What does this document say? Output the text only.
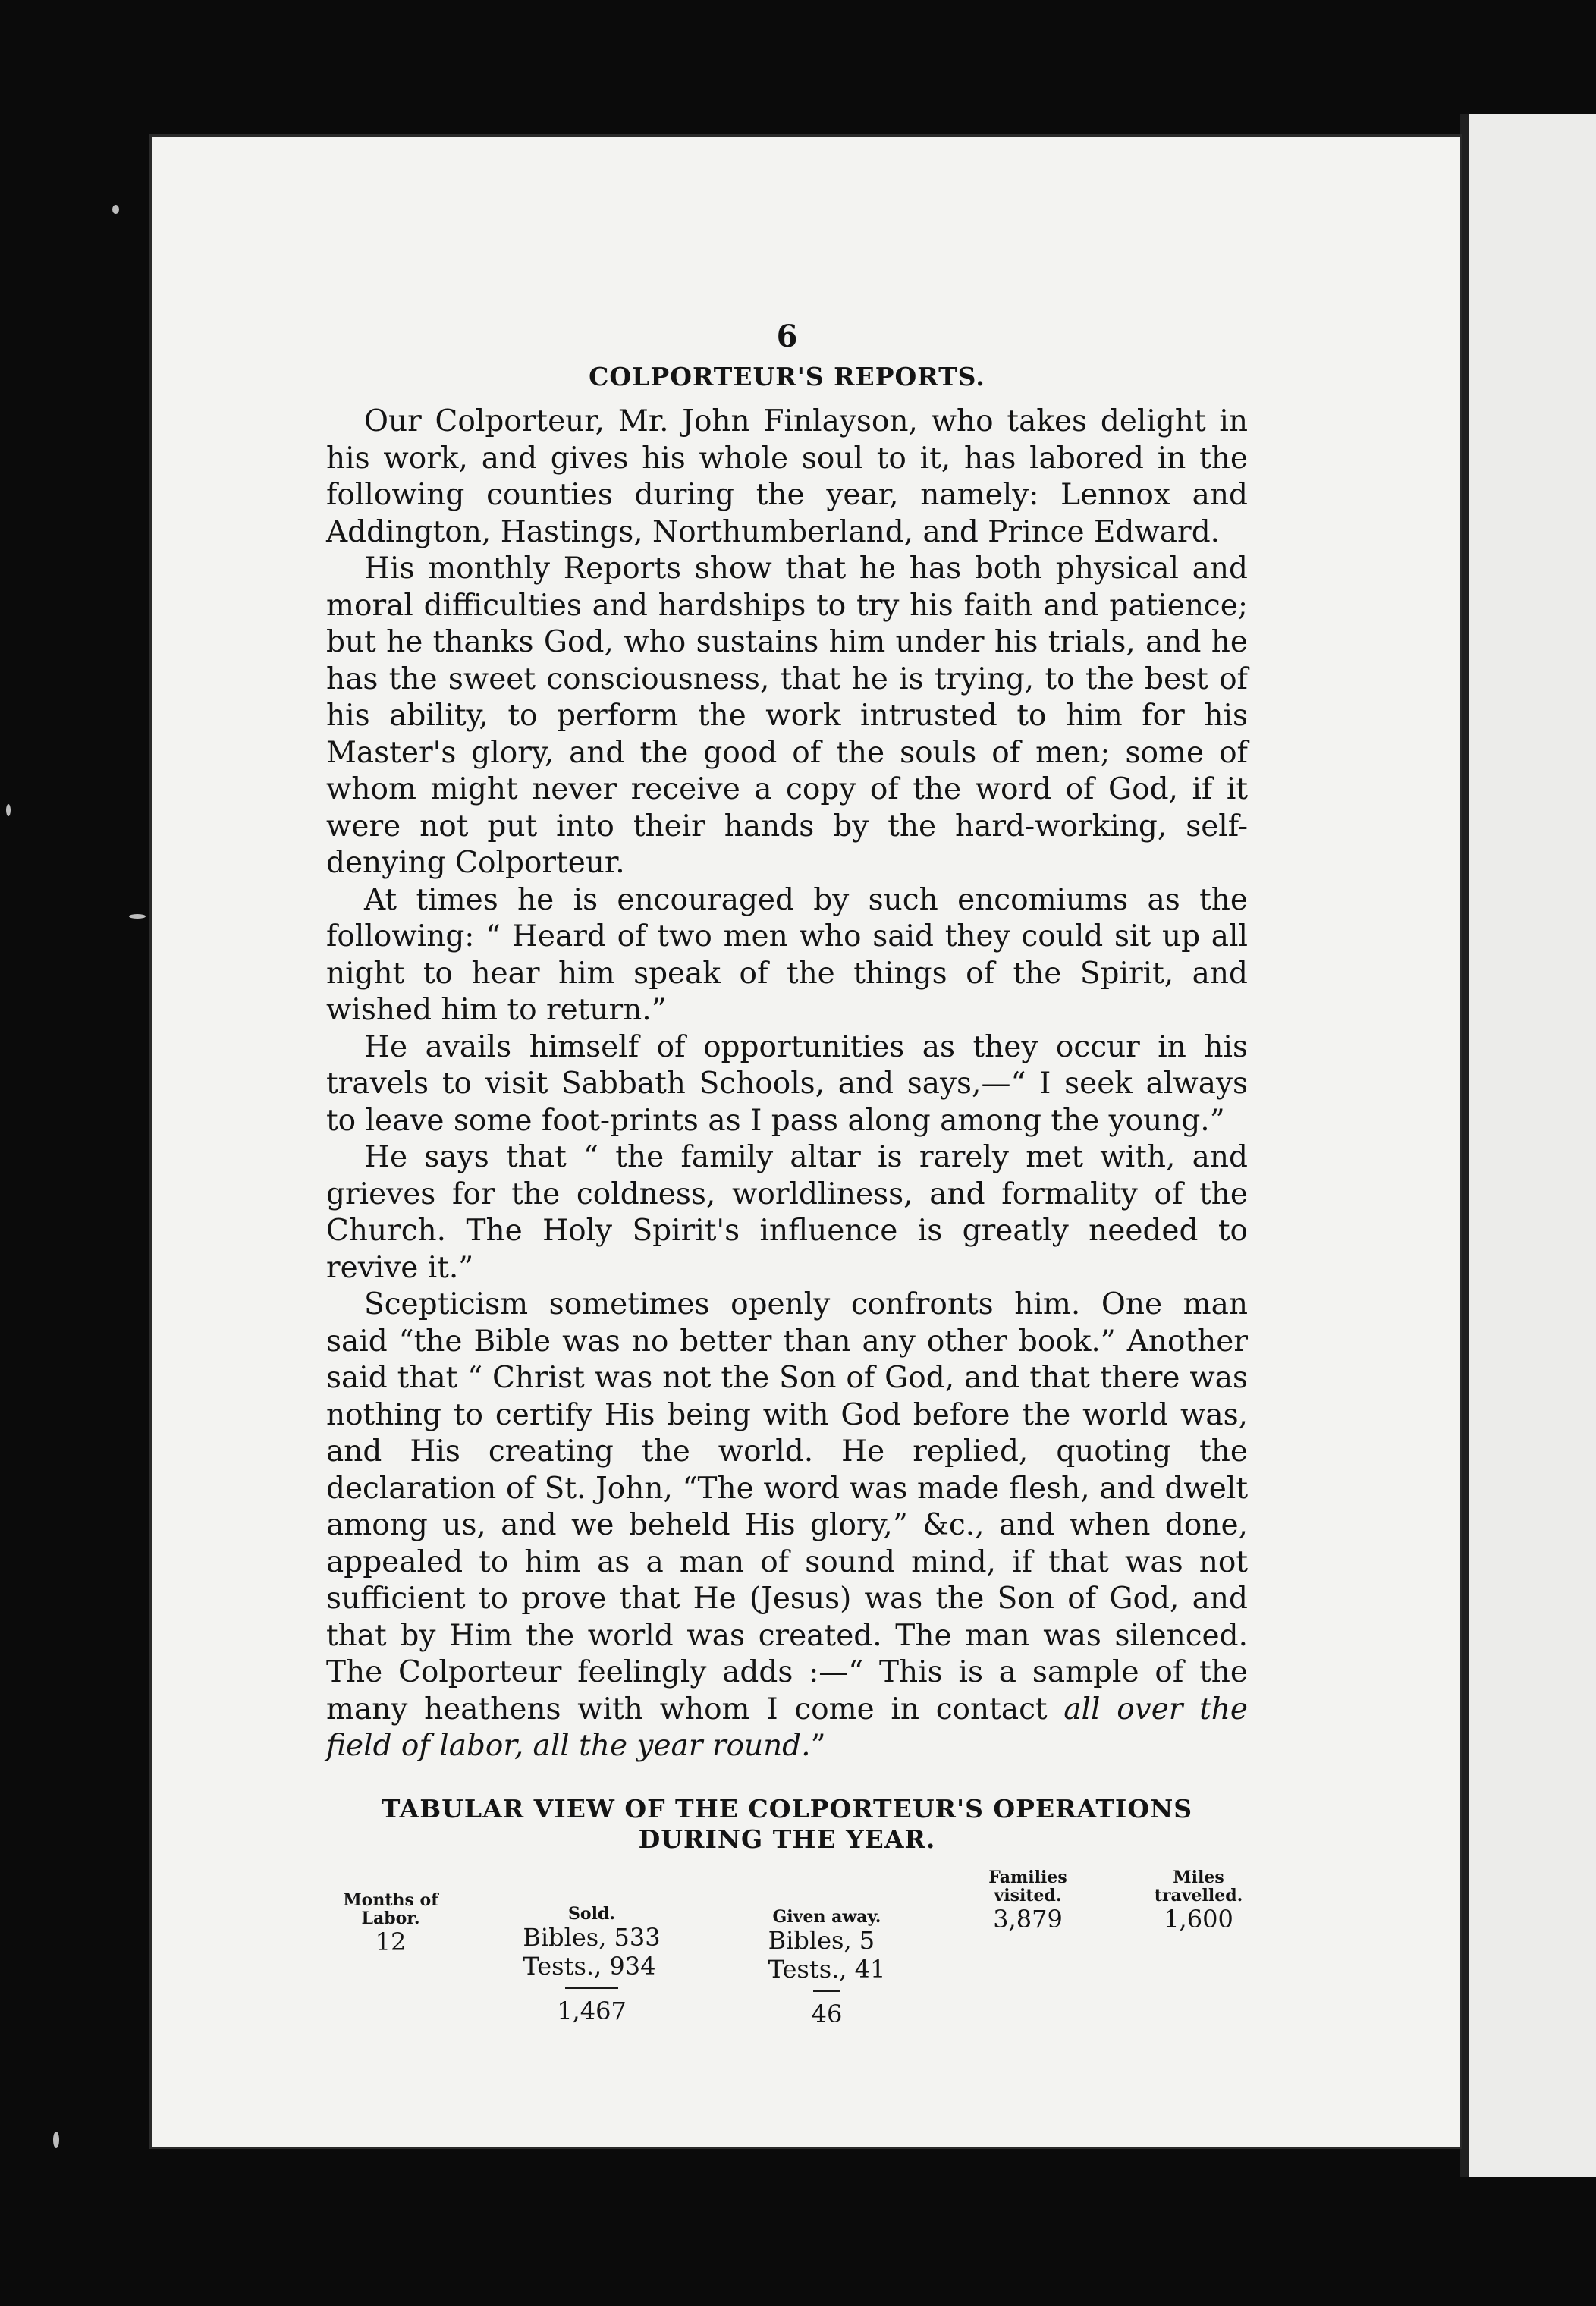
6
COLPORTEUR'S REPORTS.

Our Colporteur, Mr. John Finlayson, who takes delight in his work, and gives his whole soul to it, has labored in the following counties during the year, namely: Lennox and Addington, Hastings, Northumberland, and Prince Edward.

His monthly Reports show that he has both physical and moral difficulties and hardships to try his faith and patience; but he thanks God, who sustains him under his trials, and he has the sweet consciousness, that he is trying, to the best of his ability, to perform the work intrusted to him for his Master's glory, and the good of the souls of men; some of whom might never receive a copy of the word of God, if it were not put into their hands by the hard-working, self-denying Colporteur.

At times he is encouraged by such encomiums as the following: “ Heard of two men who said they could sit up all night to hear him speak of the things of the Spirit, and wished him to return.”

He avails himself of opportunities as they occur in his travels to visit Sabbath Schools, and says,—“ I seek always to leave some foot-prints as I pass along among the young.”

He says that “ the family altar is rarely met with, and grieves for the coldness, worldliness, and formality of the Church. The Holy Spirit's influence is greatly needed to revive it.”

Scepticism sometimes openly confronts him. One man said “the Bible was no better than any other book.” Another said that “ Christ was not the Son of God, and that there was nothing to certify His being with God before the world was, and His creating the world. He replied, quoting the declaration of St. John, “The word was made flesh, and dwelt among us, and we beheld His glory,” &c., and when done, appealed to him as a man of sound mind, if that was not sufficient to prove that He (Jesus) was the Son of God, and that by Him the world was created. The man was silenced. The Colporteur feelingly adds :—“ This is a sample of the many heathens with whom I come in contact all over the field of labor, all the year round.”

TABULAR VIEW OF THE COLPORTEUR'S OPERATIONS
DURING THE YEAR.
Months of
Labor.
12
Sold.
Bibles, 533
Tests., 934
1,467
Given away.
Bibles, 5
Tests., 41
46
Families
visited.
3,879
Miles
travelled.
1,600
